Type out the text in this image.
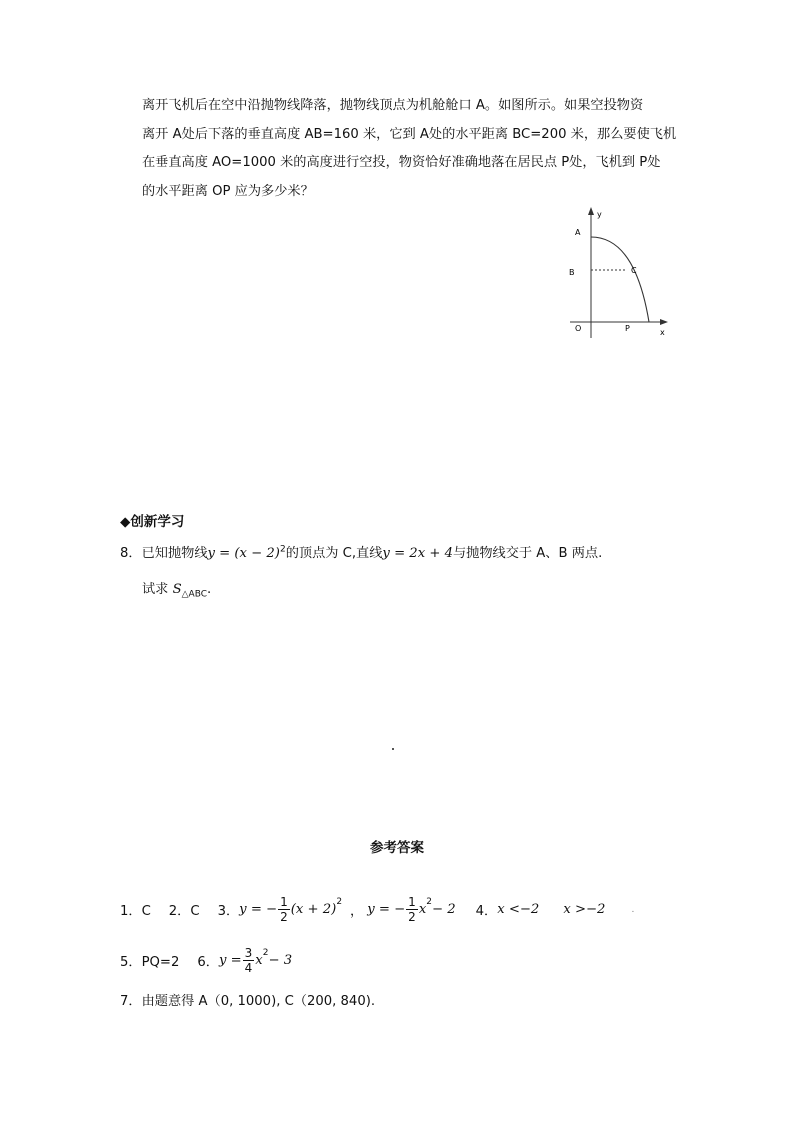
离开飞机后在空中沿抛物线降落，抛物线顶点为机舱舱口 A。如图所示。如果空投物资
离开 A处后下落的垂直高度 AB=160 米，它到 A处的水平距离 BC=200 米，那么要使飞机
在垂直高度 AO=1000 米的高度进行空投，物资恰好准确地落在居民点 P处，飞机到 P处
的水平距离 OP 应为多少米？
y
A
B	C
O	P	x
◆创新学习
8．已知抛物线$y = (x - 2)^2$的顶点为 C,直线y = 2x + 4与抛物线交于 A、B 两点.
试求 $S_{\triangle ABC}$.
参考答案
1．C 2．C 3． y = − $\frac{1}{2} (x + 2)$ 2
， y = − $\frac{1}{2}$ x 2 − 2 4． x <−2 x >−2	.
5．PQ=2 6． $y = \frac{3}{4}$ x 2 − 3
7．由题意得 A（0, 1000), C（200, 840).
